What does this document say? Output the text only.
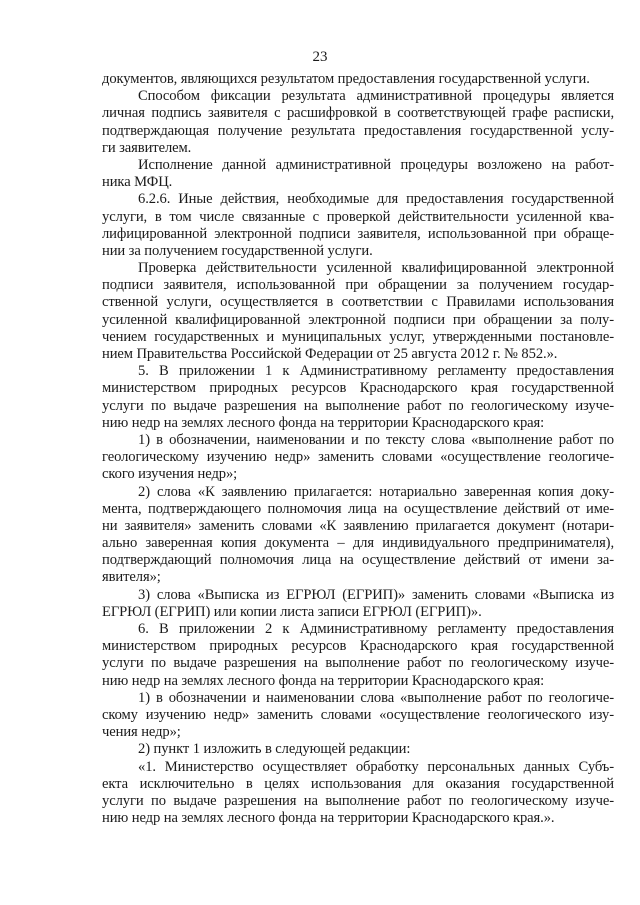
23
документов, являющихся результатом предоставления государственной услуги.
Способом фиксации результата административной процедуры является
личная подпись заявителя с расшифровкой в соответствующей графе расписки,
подтверждающая получение результата предоставления государственной услу-
ги заявителем.
Исполнение данной административной процедуры возложено на работ-
ника МФЦ.
6.2.6. Иные действия, необходимые для предоставления государственной
услуги, в том числе связанные с проверкой действительности усиленной ква-
лифицированной электронной подписи заявителя, использованной при обраще-
нии за получением государственной услуги.
Проверка действительности усиленной квалифицированной электронной
подписи заявителя, использованной при обращении за получением государ-
ственной услуги, осуществляется в соответствии с Правилами использования
усиленной квалифицированной электронной подписи при обращении за полу-
чением государственных и муниципальных услуг, утвержденными постановле-
нием Правительства Российской Федерации от 25 августа 2012 г. № 852.».
5. В приложении 1 к Административному регламенту предоставления
министерством природных ресурсов Краснодарского края государственной
услуги по выдаче разрешения на выполнение работ по геологическому изуче-
нию недр на землях лесного фонда на территории Краснодарского края:
1) в обозначении, наименовании и по тексту слова «выполнение работ по
геологическому изучению недр» заменить словами «осуществление геологиче-
ского изучения недр»;
2) слова «К заявлению прилагается: нотариально заверенная копия доку-
мента, подтверждающего полномочия лица на осуществление действий от име-
ни заявителя» заменить словами «К заявлению прилагается документ (нотари-
ально заверенная копия документа – для индивидуального предпринимателя),
подтверждающий полномочия лица на осуществление действий от имени за-
явителя»;
3) слова «Выписка из ЕГРЮЛ (ЕГРИП)» заменить словами «Выписка из
ЕГРЮЛ (ЕГРИП) или копии листа записи ЕГРЮЛ (ЕГРИП)».
6. В приложении 2 к Административному регламенту предоставления
министерством природных ресурсов Краснодарского края государственной
услуги по выдаче разрешения на выполнение работ по геологическому изуче-
нию недр на землях лесного фонда на территории Краснодарского края:
1) в обозначении и наименовании слова «выполнение работ по геологиче-
скому изучению недр» заменить словами «осуществление геологического изу-
чения недр»;
2) пункт 1 изложить в следующей редакции:
«1. Министерство осуществляет обработку персональных данных Субъ-
екта исключительно в целях использования для оказания государственной
услуги по выдаче разрешения на выполнение работ по геологическому изуче-
нию недр на землях лесного фонда на территории Краснодарского края.».
